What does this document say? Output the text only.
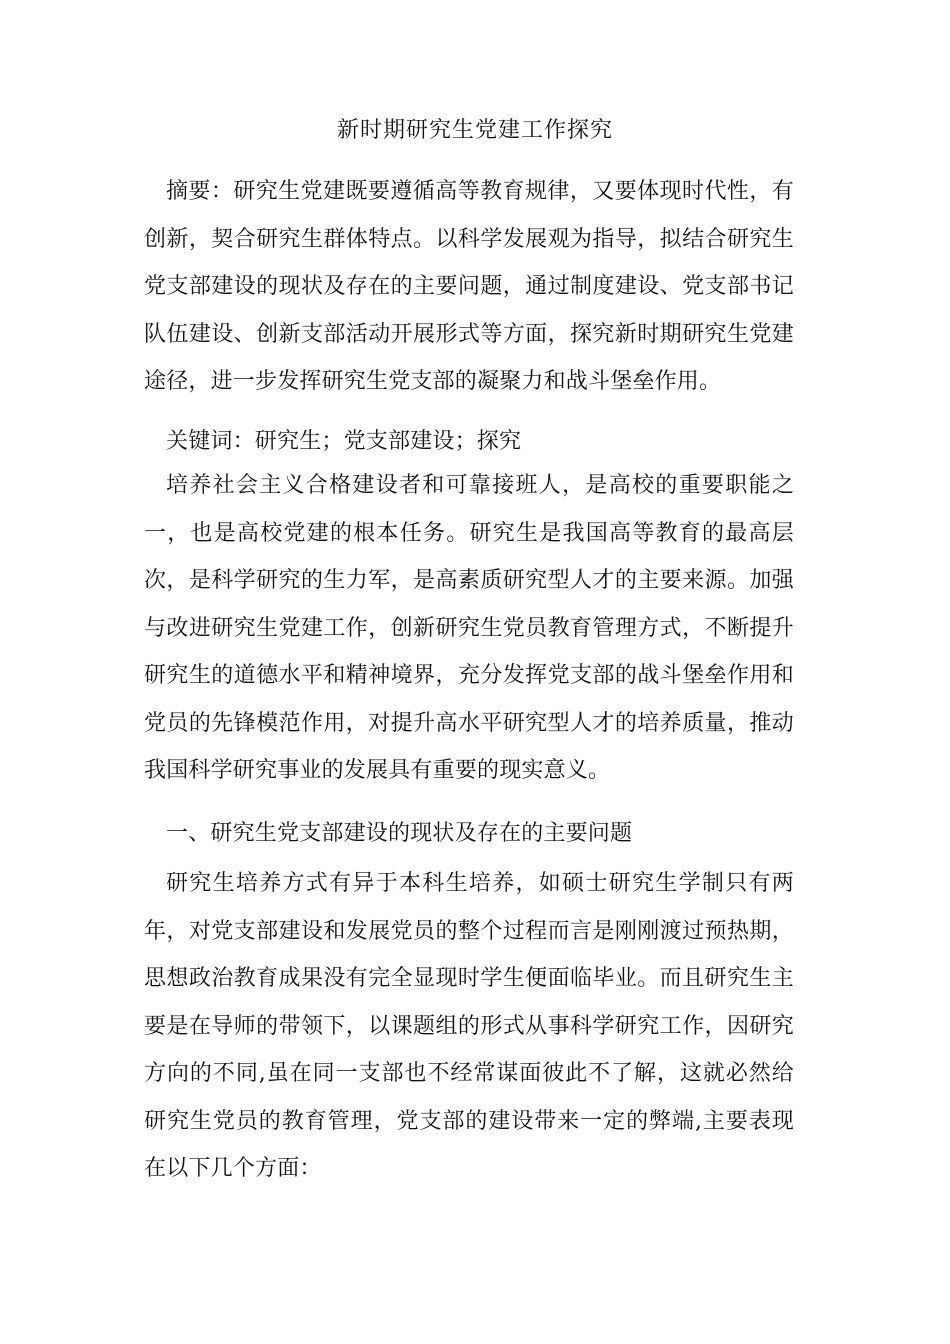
新时期研究生党建工作探究

摘要：研究生党建既要遵循高等教育规律，又要体现时代性，有创新，契合研究生群体特点。以科学发展观为指导，拟结合研究生党支部建设的现状及存在的主要问题，通过制度建设、党支部书记队伍建设、创新支部活动开展形式等方面，探究新时期研究生党建途径，进一步发挥研究生党支部的凝聚力和战斗堡垒作用。

关键词：研究生；党支部建设；探究

培养社会主义合格建设者和可靠接班人，是高校的重要职能之一，也是高校党建的根本任务。研究生是我国高等教育的最高层次，是科学研究的生力军，是高素质研究型人才的主要来源。加强与改进研究生党建工作，创新研究生党员教育管理方式，不断提升研究生的道德水平和精神境界，充分发挥党支部的战斗堡垒作用和党员的先锋模范作用，对提升高水平研究型人才的培养质量，推动我国科学研究事业的发展具有重要的现实意义。

一、研究生党支部建设的现状及存在的主要问题

研究生培养方式有异于本科生培养，如硕士研究生学制只有两年，对党支部建设和发展党员的整个过程而言是刚刚渡过预热期，思想政治教育成果没有完全显现时学生便面临毕业。而且研究生主要是在导师的带领下，以课题组的形式从事科学研究工作，因研究方向的不同,虽在同一支部也不经常谋面彼此不了解，这就必然给研究生党员的教育管理，党支部的建设带来一定的弊端,主要表现在以下几个方面：
